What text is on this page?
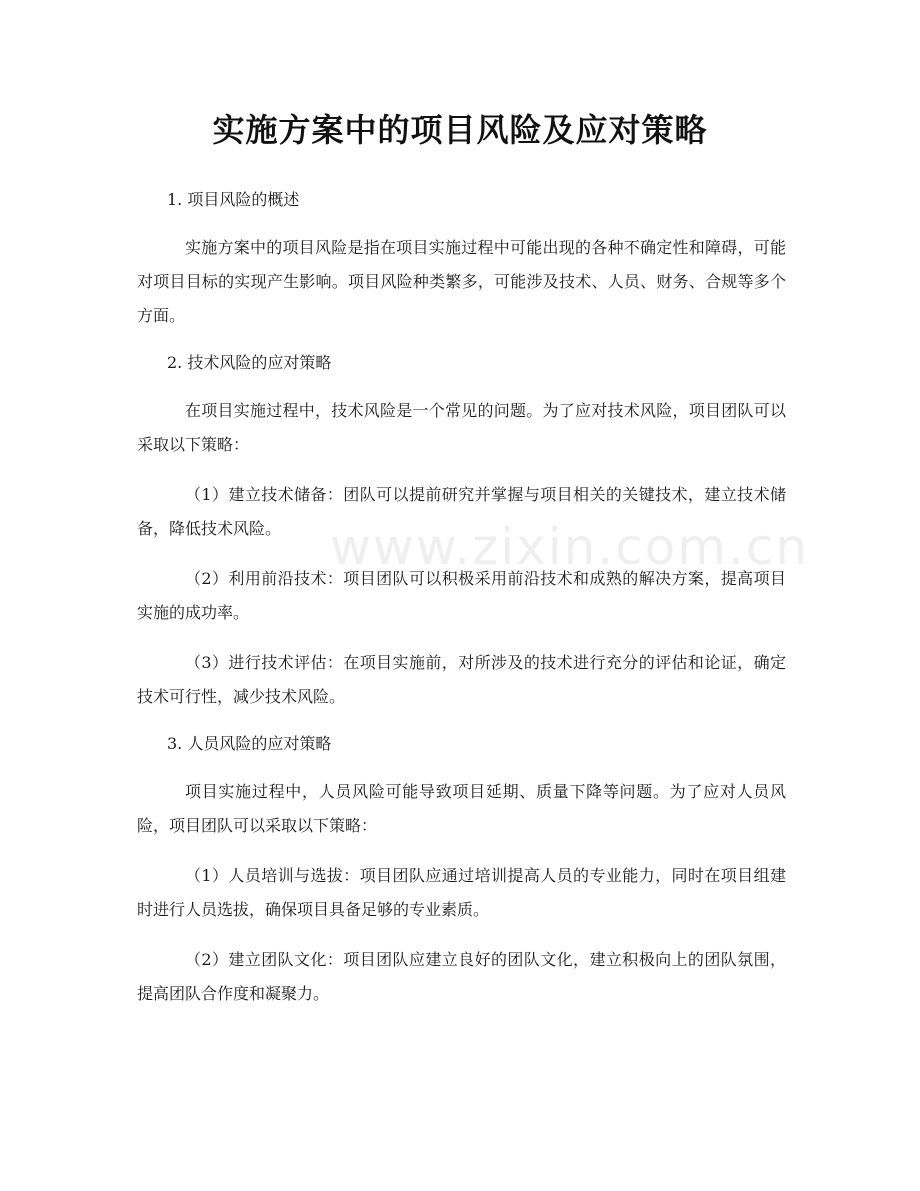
www.zixin.com.cn
实施方案中的项目风险及应对策略

1. 项目风险的概述

实施方案中的项目风险是指在项目实施过程中可能出现的各种不确定性和障碍，可能对项目目标的实现产生影响。项目风险种类繁多，可能涉及技术、人员、财务、合规等多个方面。

2. 技术风险的应对策略

在项目实施过程中，技术风险是一个常见的问题。为了应对技术风险，项目团队可以采取以下策略：

（1）建立技术储备：团队可以提前研究并掌握与项目相关的关键技术，建立技术储备，降低技术风险。

（2）利用前沿技术：项目团队可以积极采用前沿技术和成熟的解决方案，提高项目实施的成功率。

（3）进行技术评估：在项目实施前，对所涉及的技术进行充分的评估和论证，确定技术可行性，减少技术风险。

3. 人员风险的应对策略

项目实施过程中，人员风险可能导致项目延期、质量下降等问题。为了应对人员风险，项目团队可以采取以下策略：

（1）人员培训与选拔：项目团队应通过培训提高人员的专业能力，同时在项目组建时进行人员选拔，确保项目具备足够的专业素质。

（2）建立团队文化：项目团队应建立良好的团队文化，建立积极向上的团队氛围，提高团队合作度和凝聚力。
